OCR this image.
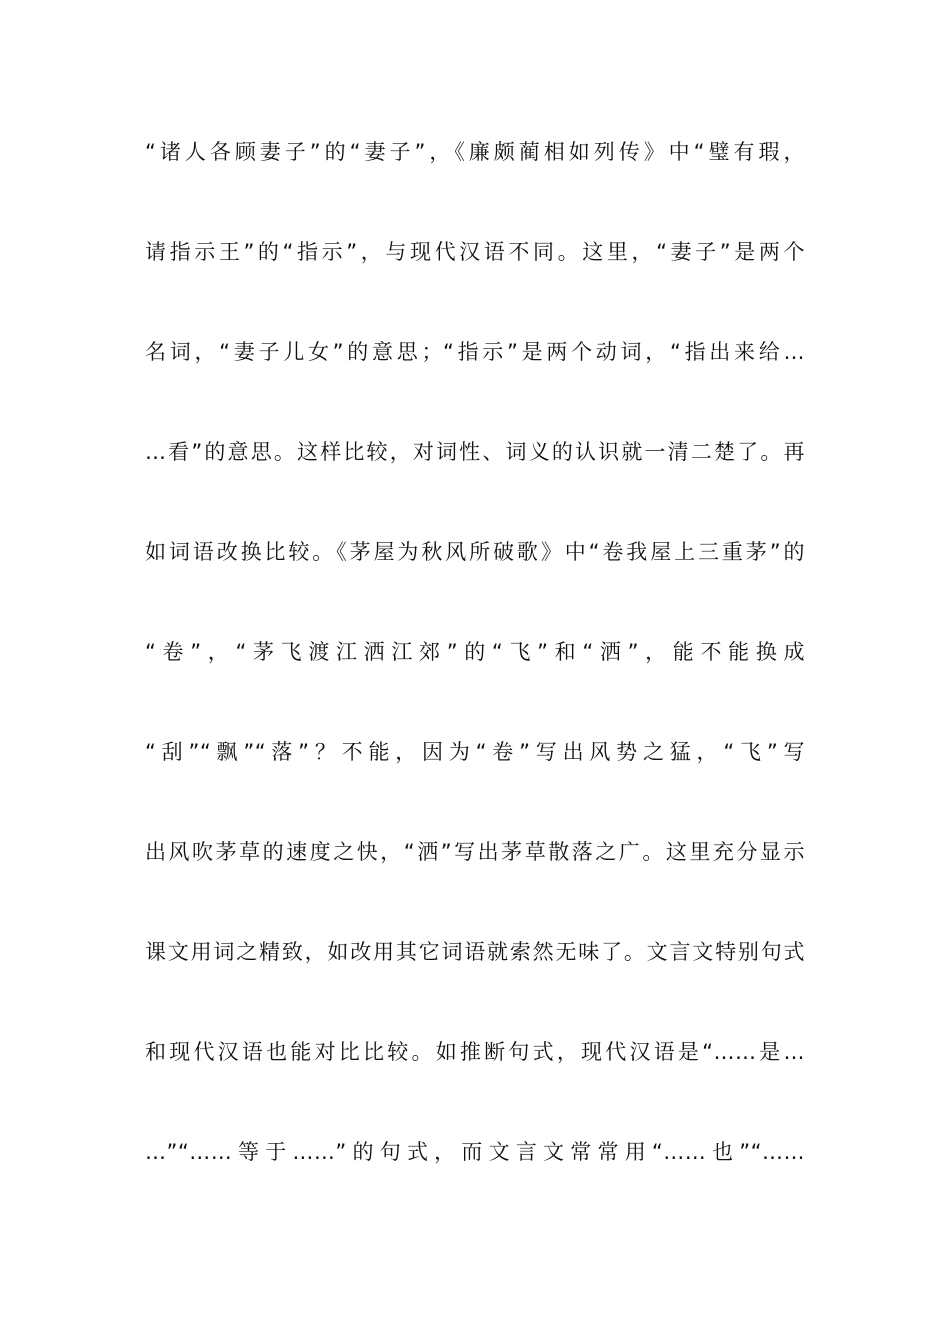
“诸人各顾妻子”的“妻子”，《廉颇蔺相如列传》中“璧有瑕，
请指示王”的“指示”，与现代汉语不同。这里，“妻子”是两个
名词，“妻子儿女”的意思；“指示”是两个动词，“指出来给…
…看”的意思。这样比较，对词性、词义的认识就一清二楚了。再
如词语改换比较。《茅屋为秋风所破歌》中“卷我屋上三重茅”的
“卷”，“茅飞渡江洒江郊”的“飞”和“洒”，能不能换成
“刮”“飘”“落”？不能，因为“卷”写出风势之猛，“飞”写
出风吹茅草的速度之快，“洒”写出茅草散落之广。这里充分显示
课文用词之精致，如改用其它词语就索然无味了。文言文特别句式
和现代汉语也能对比比较。如推断句式，现代汉语是“……是…
…”“……等于……”的句式，而文言文常常用“……也”“……
